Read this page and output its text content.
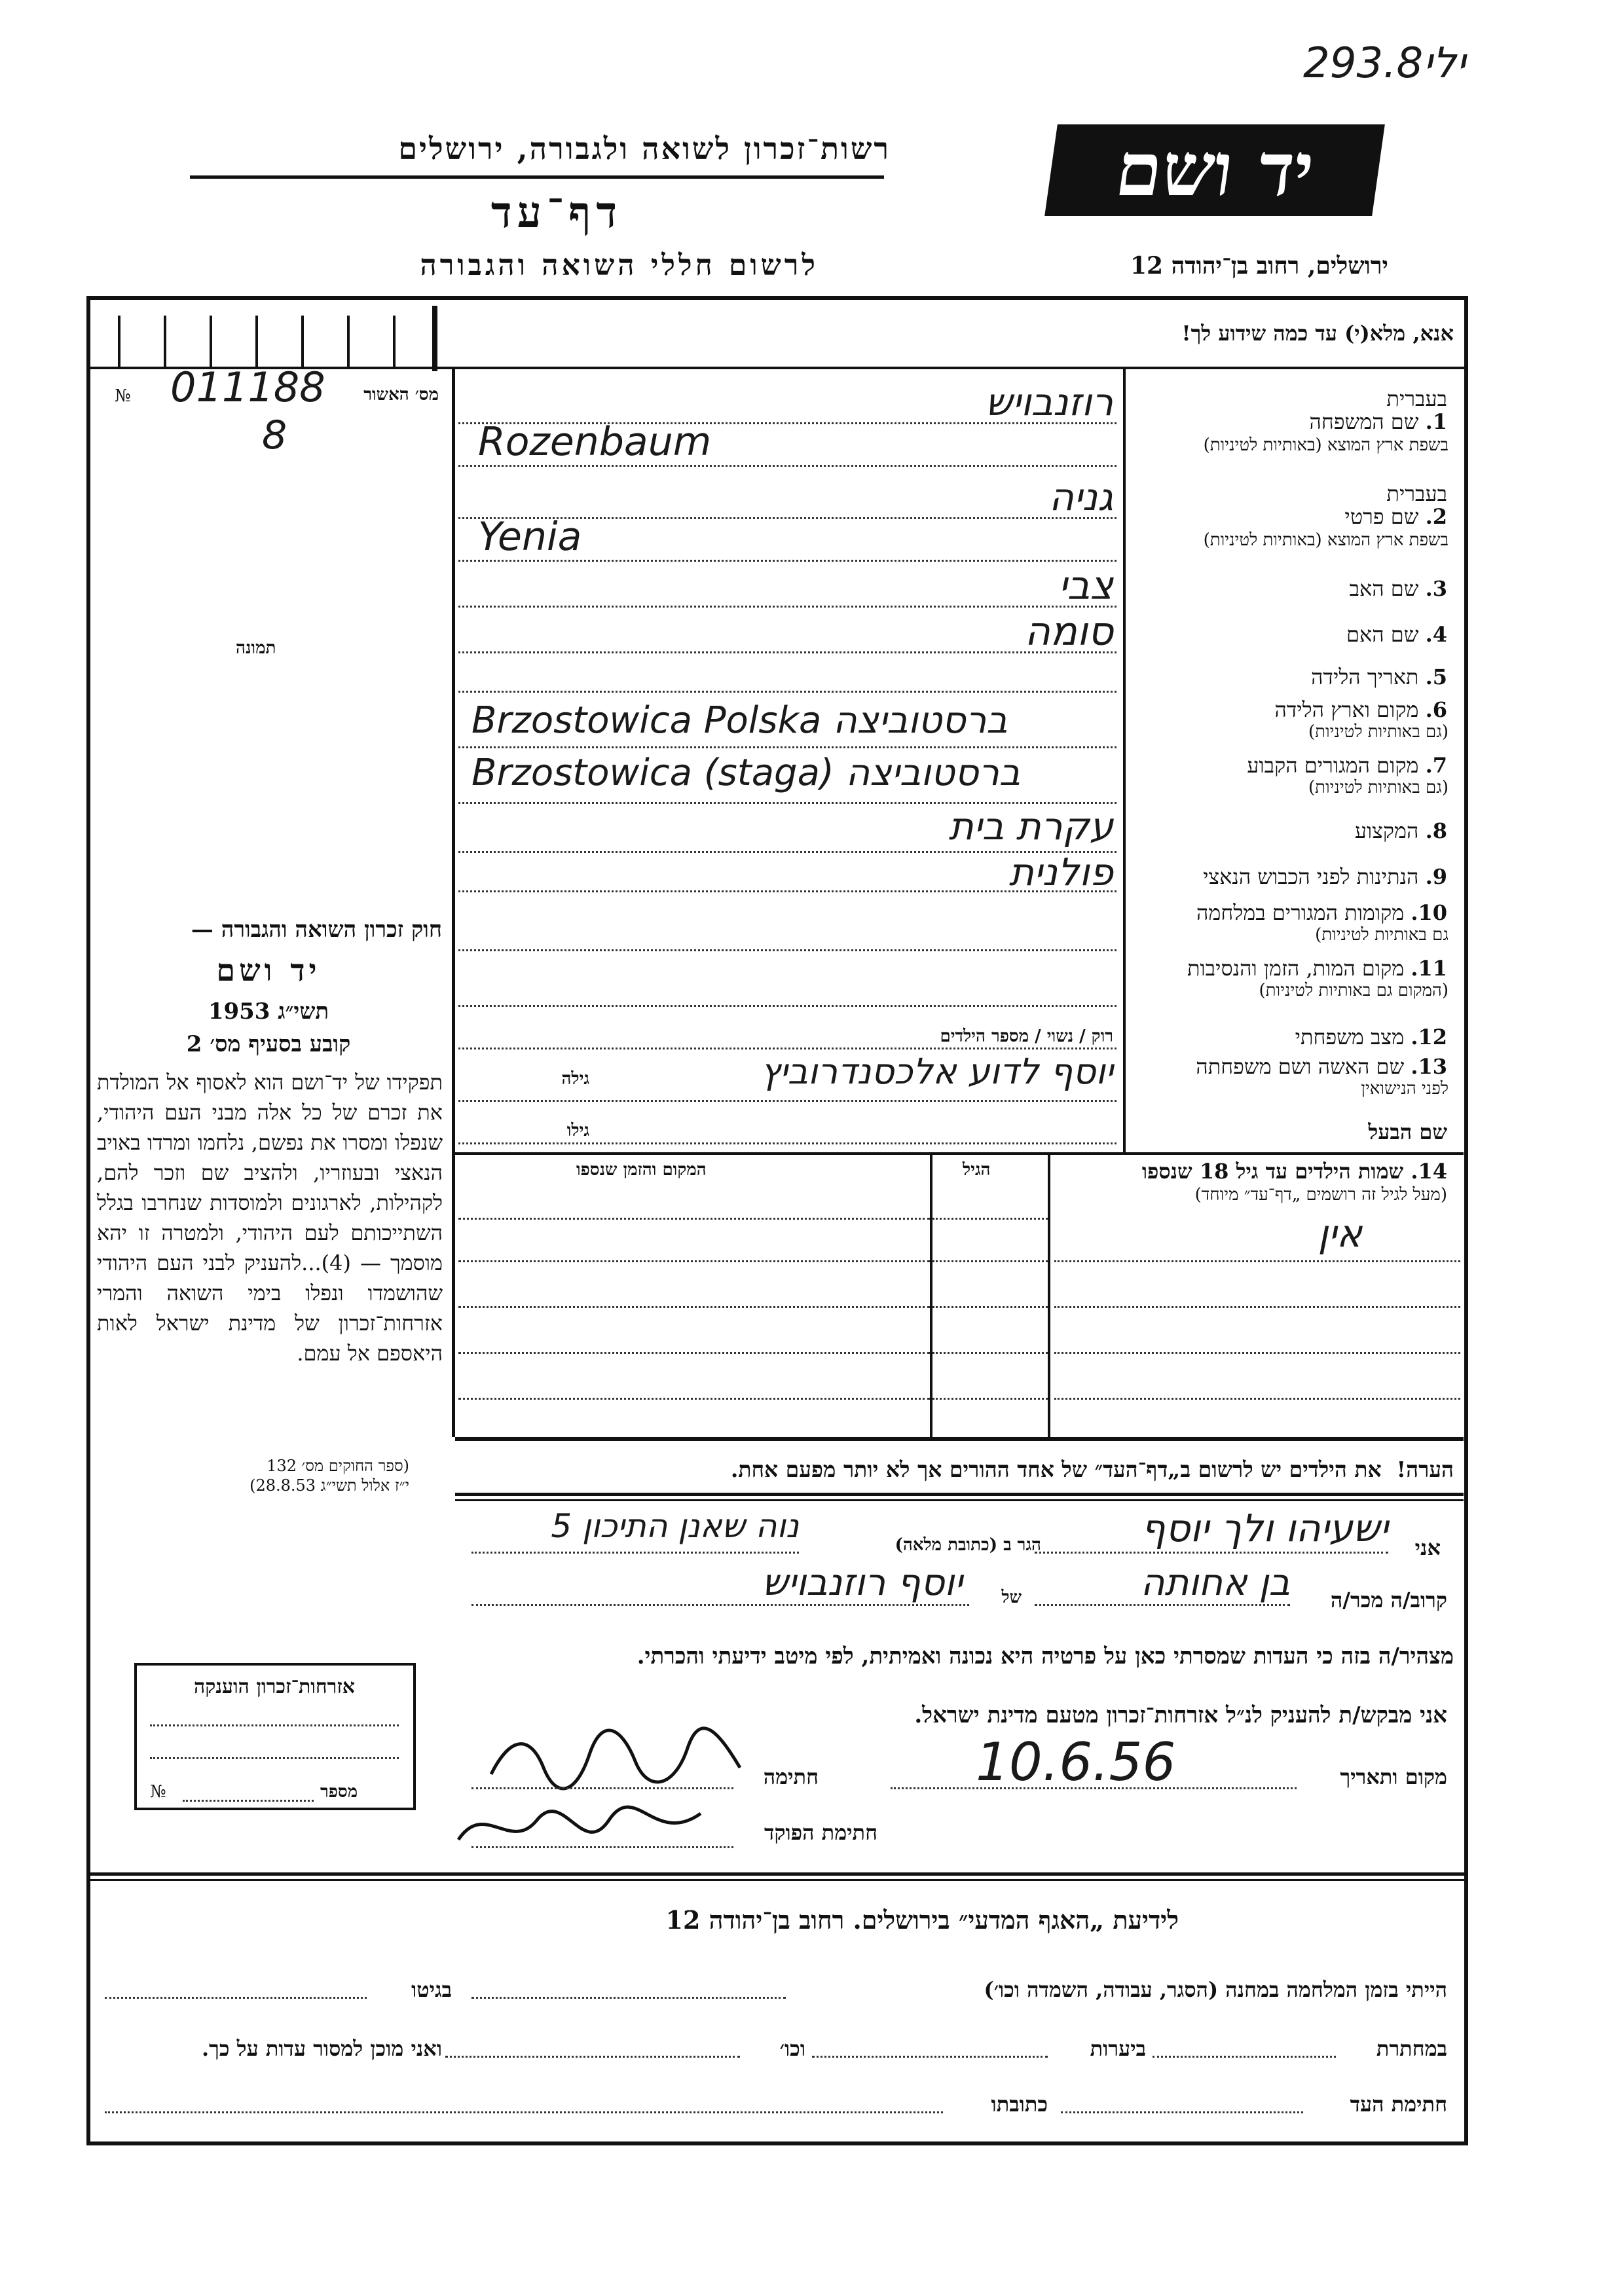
293.8ילי
רשות־זכרון לשואה ולגבורה, ירושלים
דף־עד
לרשום חללי השואה והגבורה
יד ושם
ירושלים, רחוב בן־יהודה 12
אנא, מלא(י) עד כמה שידוע לך!
מס׳ האשור
№ 011188
8
תמונה
בעברית
1. שם המשפחה
בשפת ארץ המוצא (באותיות לטיניות)
רוזנבויש
Rozenbaum
בעברית
2. שם פרטי
בשפת ארץ המוצא (באותיות לטיניות)
גניה
Yenia
3. שם האב
צבי
4. שם האם
סומה
5. תאריך הלידה
6. מקום וארץ הלידה
(גם באותיות לטיניות)
Brzostowica Polska ברסטוביצה
7. מקום המגורים הקבוע
(גם באותיות לטיניות)
Brzostowica (staga) ברסטוביצה
8. המקצוע
עקרת בית
9. הנתינות לפני הכבוש הנאצי
פולנית
10. מקומות המגורים במלחמה
גם באותיות לטיניות)
11. מקום המות, הזמן והנסיבות
(המקום גם באותיות לטיניות)
12. מצב משפחתי
רוק / נשוי / מספר הילדים
13. שם האשה ושם משפחתה
לפני הנישואין
גילה	יוסף לדוע אלכסנדרוביץ
שם הבעל
גילו
14. שמות הילדים עד גיל 18 שנספו
(מעל לגיל זה רושמים „דף־עד״ מיוחד)
הגיל
המקום והזמן שנספו
אין
חוק זכרון השואה והגבורה —
יד ושם
תשי״ג 1953
קובע בסעיף מס׳ 2
תפקידו של יד־ושם הוא לאסוף אל המולדת את זכרם של כל אלה מבני העם היהודי, שנפלו ומסרו את נפשם, נלחמו ומרדו באויב הנאצי ובעוזריו, ולהציב שם וזכר להם, לקהילות, לארגונים ולמוסדות שנחרבו בגלל השתייכותם לעם היהודי, ולמטרה זו יהא מוסמך — (4)...להעניק לבני העם היהודי שהושמדו ונפלו בימי השואה והמרי אזרחות־זכרון של מדינת ישראל לאות היאספם אל עמם.
(ספר החוקים מס׳ 132
י״ז אלול תשי״ג 28.8.53)
הערה!  את הילדים יש לרשום ב„דף־העד״ של אחד ההורים אך לא יותר מפעם אחת.
אני
ישעיהו ולך יוסף
הגר ב (כתובת מלאה)
נוה שאנן התיכון 5
קרוב/ה מכר/ה
בן אחותה
של
יוסף רוזנבויש
מצהיר/ה בזה כי העדות שמסרתי כאן על פרטיה היא נכונה ואמיתית, לפי מיטב ידיעתי והכרתי.
אני מבקש/ת להעניק לנ״ל אזרחות־זכרון מטעם מדינת ישראל.
אזרחות־זכרון הוענקה
№	מספר
מקום ותאריך
10.6.56
חתימה
חתימת הפוקד
לידיעת „האגף המדעי״ בירושלים. רחוב בן־יהודה 12
הייתי בזמן המלחמה במחנה (הסגר, עבודה, השמדה וכו׳)
בגיטו
במחתרת
ביערות
וכו׳
ואני מוכן למסור עדות על כך.
חתימת העד
כתובתו
